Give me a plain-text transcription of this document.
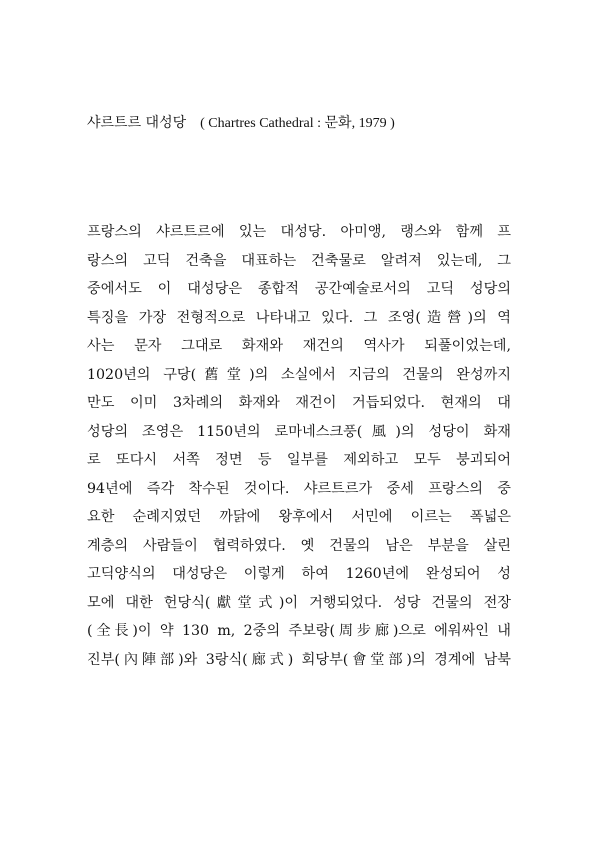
샤르트르 대성당 ( Chartres Cathedral : 문화, 1979 )
프랑스의 샤르트르에 있는 대성당. 아미앵, 랭스와 함께 프
랑스의 고딕 건축을 대표하는 건축물로 알려져 있는데, 그
중에서도 이 대성당은 종합적 공간예술로서의 고딕 성당의
특징을 가장 전형적으로 나타내고 있다. 그 조영(造營)의 역
사는 문자 그대로 화재와 재건의 역사가 되풀이었는데,
1020년의 구당(舊堂)의 소실에서 지금의 건물의 완성까지
만도 이미 3차례의 화재와 재건이 거듭되었다. 현재의 대
성당의 조영은 1150년의 로마네스크풍(風)의 성당이 화재
로 또다시 서쪽 정면 등 일부를 제외하고 모두 붕괴되어
94년에 즉각 착수된 것이다. 샤르트르가 중세 프랑스의 중
요한 순례지였던 까닭에 왕후에서 서민에 이르는 폭넓은
계층의 사람들이 협력하였다. 옛 건물의 남은 부분을 살린
고딕양식의 대성당은 이렇게 하여 1260년에 완성되어 성
모에 대한 헌당식(獻堂式)이 거행되었다. 성당 건물의 전장
(全長)이 약 130 m, 2중의 주보랑(周步廊)으로 에워싸인 내
진부(內陣部)와 3랑식(廊式) 회당부(會堂部)의 경계에 남북
